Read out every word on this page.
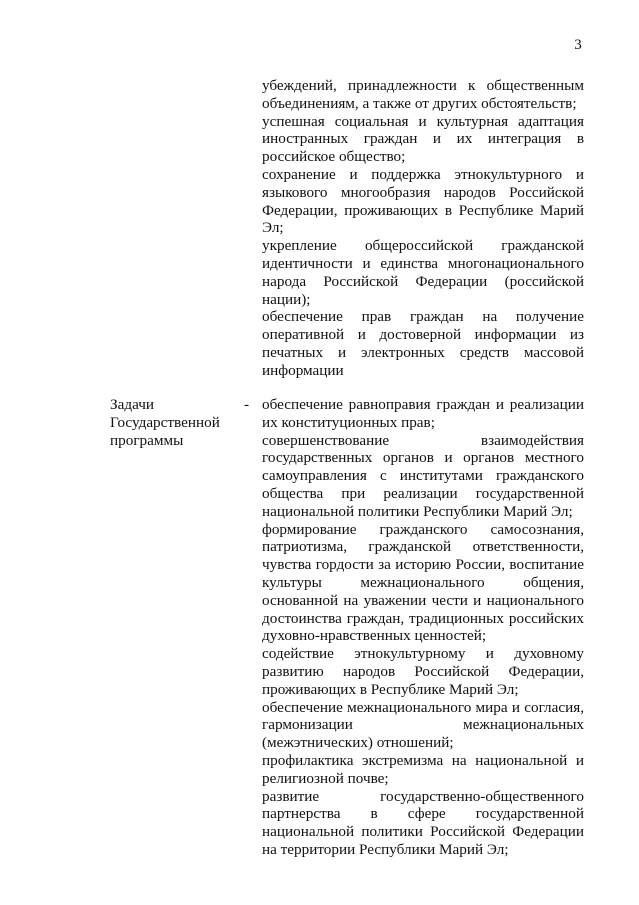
3

убеждений, принадлежности к общественным объединениям, а также от других обстоятельств;

успешная социальная и культурная адаптация иностранных граждан и их интеграция в российское общество;

сохранение и поддержка этнокультурного и языкового многообразия народов Российской Федерации, проживающих в Республике Марий Эл;

укрепление общероссийской гражданской идентичности и единства многонационального народа Российской Федерации (российской нации);

обеспечение прав граждан на получение оперативной и достоверной информации из печатных и электронных средств массовой информации

Задачи
Государственной
программы
- обеспечение равноправия граждан и реализации их конституционных прав;

совершенствование взаимодействия государственных органов и органов местного самоуправления с институтами гражданского общества при реализации государственной национальной политики Республики Марий Эл;

формирование гражданского самосознания, патриотизма, гражданской ответственности, чувства гордости за историю России, воспитание культуры межнационального общения, основанной на уважении чести и национального достоинства граждан, традиционных российских духовно-нравственных ценностей;

содействие этнокультурному и духовному развитию народов Российской Федерации, проживающих в Республике Марий Эл;

обеспечение межнационального мира и согласия, гармонизации межнациональных (межэтнических) отношений;

профилактика экстремизма на национальной и религиозной почве;

развитие государственно-общественного партнерства в сфере государственной национальной политики Российской Федерации на территории Республики Марий Эл;
